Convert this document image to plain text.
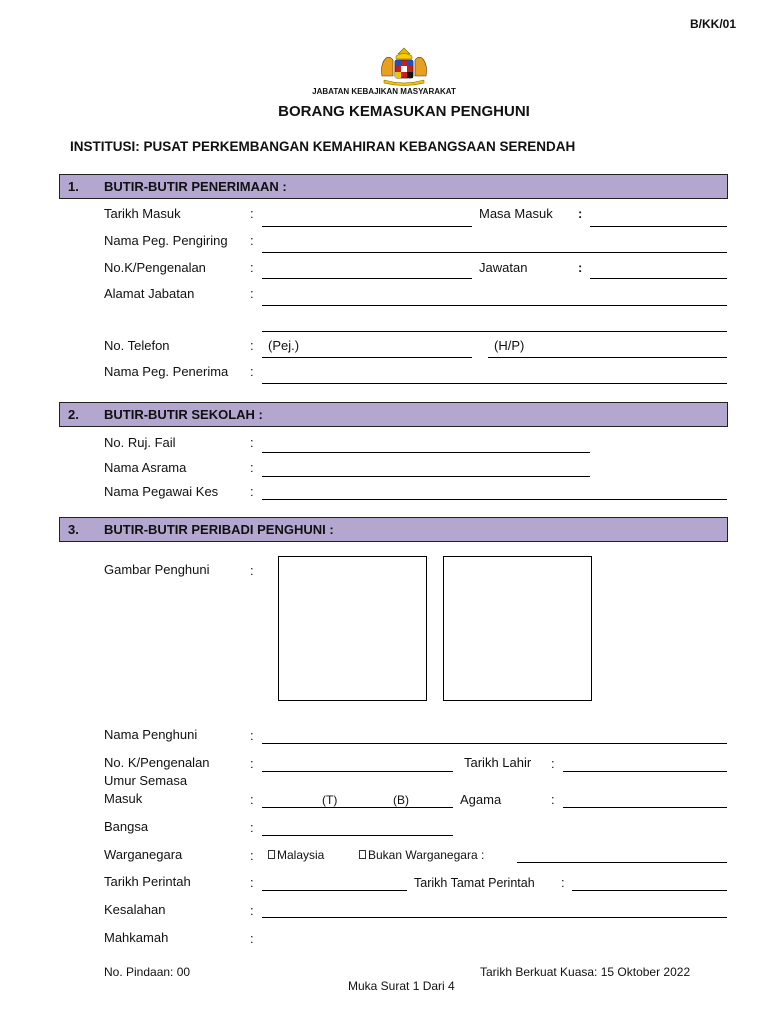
B/KK/01
JABATAN KEBAJIKAN MASYARAKAT
BORANG KEMASUKAN PENGHUNI
INSTITUSI: PUSAT PERKEMBANGAN KEMAHIRAN KEBANGSAAN SERENDAH
1. BUTIR-BUTIR PENERIMAAN :
Tarikh Masuk	:	Masa Masuk :
Nama Peg. Pengiring :
No.K/Pengenalan	:	Jawatan	:
Alamat Jabatan	:
No. Telefon	: (Pej.)	(H/P)
Nama Peg. Penerima :
2. BUTIR-BUTIR SEKOLAH :
No. Ruj. Fail	:
Nama Asrama	:
Nama Pegawai Kes :
3. BUTIR-BUTIR PERIBADI PENGHUNI :
Gambar Penghuni	:
Nama Penghuni	:
No. K/Pengenalan	:	Tarikh Lahir :
Umur Semasa
Masuk	:	(T)	(B)	Agama	:
Bangsa	:
Warganegara	: Malaysia	Bukan Warganegara :
Tarikh Perintah	:	Tarikh Tamat Perintah :
Kesalahan	:
Mahkamah	:
No. Pindaan: 00	Tarikh Berkuat Kuasa: 15 Oktober 2022
Muka Surat 1 Dari 4
